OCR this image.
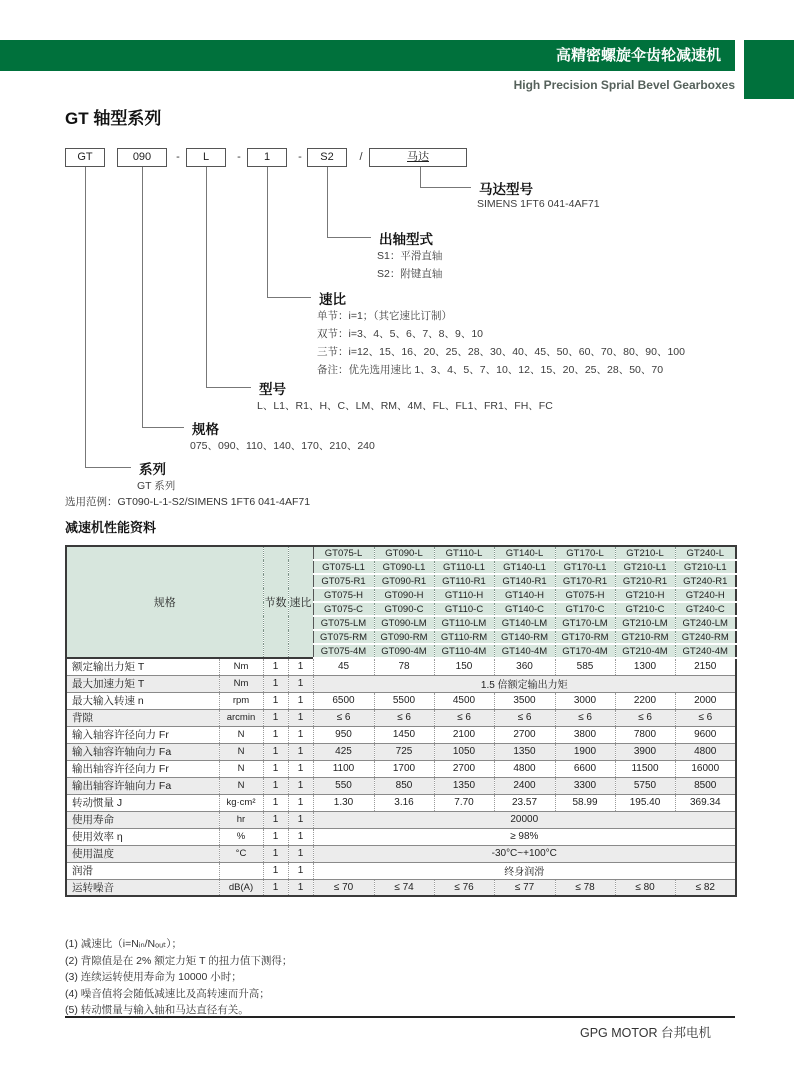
高精密螺旋伞齿轮减速机
High Precision Sprial Bevel Gearboxes
GT 轴型系列
GT	090	L	1	S2	马达
-	-	-	/
马达型号
SIMENS 1FT6 041-4AF71
出轴型式
S1：平滑直轴
S2：附键直轴
速比
单节：i=1；（其它速比订制）
双节：i=3、4、5、6、7、8、9、10
三节：i=12、15、16、20、25、28、30、40、45、50、60、70、80、90、100
备注：优先选用速比 1、3、4、5、7、10、12、15、20、25、28、50、70
型号
L、L1、R1、H、C、LM、RM、4M、FL、FL1、FR1、FH、FC
规格
075、090、110、140、170、210、240
系列
GT 系列
选用范例：GT090-L-1-S2/SIMENS 1FT6 041-4AF71
减速机性能资料
规格		节数	速比	GT075-L	GT090-L	GT110-L	GT140-L	GT170-L	GT210-L	GT240-L
				GT075-L1	GT090-L1	GT110-L1	GT140-L1	GT170-L1	GT210-L1	GT210-L1
				GT075-R1	GT090-R1	GT110-R1	GT140-R1	GT170-R1	GT210-R1	GT240-R1
				GT075-H	GT090-H	GT110-H	GT140-H	GT075-H	GT210-H	GT240-H
				GT075-C	GT090-C	GT110-C	GT140-C	GT170-C	GT210-C	GT240-C
				GT075-LM	GT090-LM	GT110-LM	GT140-LM	GT170-LM	GT210-LM	GT240-LM
				GT075-RM	GT090-RM	GT110-RM	GT140-RM	GT170-RM	GT210-RM	GT240-RM
				GT075-4M	GT090-4M	GT110-4M	GT140-4M	GT170-4M	GT210-4M	GT240-4M
额定输出力矩 T	Nm	1	1	45	78	150	360	585	1300	2150
最大加速力矩 T	Nm	1	1	1.5 倍额定输出力矩						
最大输入转速 n	rpm	1	1	6500	5500	4500	3500	3000	2200	2000
背隙	arcmin	1	1	≤ 6	≤ 6	≤ 6	≤ 6	≤ 6	≤ 6	≤ 6
输入轴容许径向力 Fr	N	1	1	950	1450	2100	2700	3800	7800	9600
输入轴容许轴向力 Fa	N	1	1	425	725	1050	1350	1900	3900	4800
输出轴容许径向力 Fr	N	1	1	1100	1700	2700	4800	6600	11500	16000
输出轴容许轴向力 Fa	N	1	1	550	850	1350	2400	3300	5750	8500
转动惯量 J	kg·cm²	1	1	1.30	3.16	7.70	23.57	58.99	195.40	369.34
使用寿命	hr	1	1	20000						
使用效率 η	%	1	1	≥ 98%						
使用温度	°C	1	1	-30°C~+100°C						
润滑		1	1	终身润滑						
运转噪音	dB(A)	1	1	≤ 70	≤ 74	≤ 76	≤ 77	≤ 78	≤ 80	≤ 82
(1) 减速比（i=Nᵢₙ/Nₒᵤₜ）；
(2) 背隙值是在 2% 额定力矩 T 的扭力值下测得；
(3) 连续运转使用寿命为 10000 小时；
(4) 噪音值将会随低减速比及高转速而升高；
(5) 转动惯量与输入轴和马达直径有关。
GPG MOTOR 台邦电机
